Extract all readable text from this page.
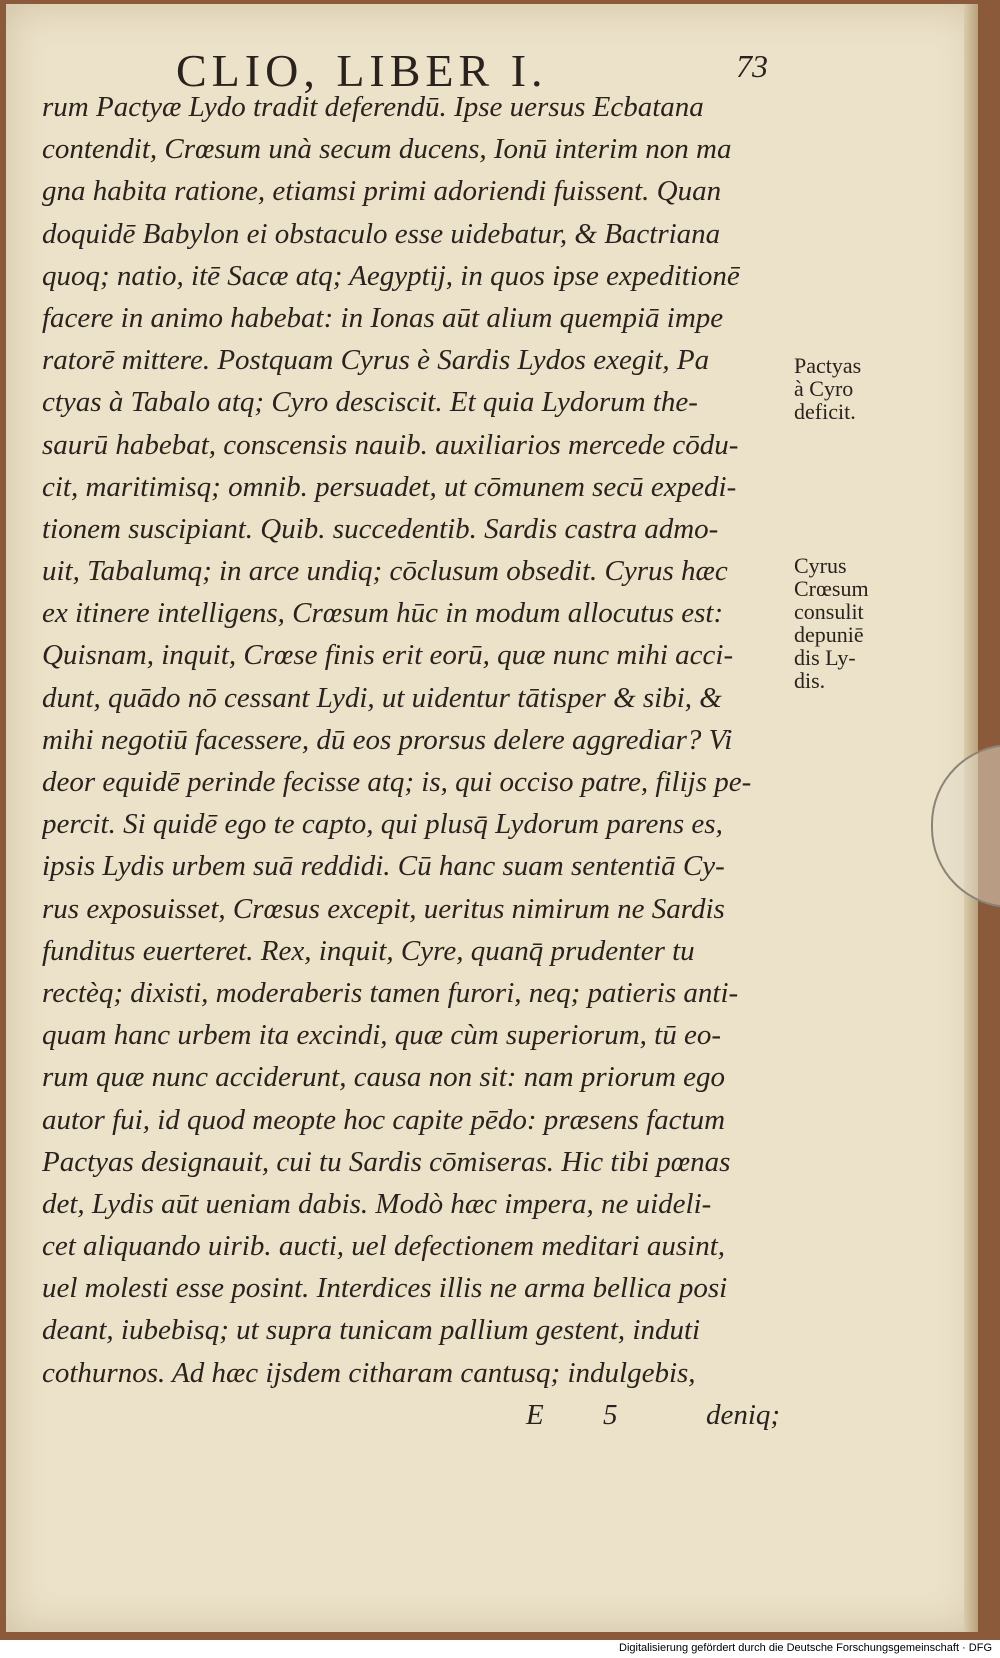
CLIO, LIBER I.	73
rum Pactyæ Lydo tradit deferendū. Ipse uersus Ecbatana
contendit, Crœsum unà secum ducens, Ionū interim non ma
gna habita ratione, etiamsi primi adoriendi fuissent. Quan
doquidē Babylon ei obstaculo esse uidebatur, & Bactriana
quoq; natio, itē Sacæ atq; Aegyptij, in quos ipse expeditionē
facere in animo habebat: in Ionas aūt alium quempiā impe
ratorē mittere. Postquam Cyrus è Sardis Lydos exegit, Pa
ctyas à Tabalo atq; Cyro desciscit. Et quia Lydorum the-
saurū habebat, conscensis nauib. auxiliarios mercede cōdu-
cit, maritimisq; omnib. persuadet, ut cōmunem secū expedi-
tionem suscipiant. Quib. succedentib. Sardis castra admo-
uit, Tabalumq; in arce undiq; cōclusum obsedit. Cyrus hæc
ex itinere intelligens, Crœsum hūc in modum allocutus est:
Quisnam, inquit, Crœse finis erit eorū, quæ nunc mihi acci-
dunt, quādo nō cessant Lydi, ut uidentur tātisper & sibi, &
mihi negotiū facessere, dū eos prorsus delere aggrediar? Vi
deor equidē perinde fecisse atq; is, qui occiso patre, filijs pe-
percit. Si quidē ego te capto, qui plusq̄ Lydorum parens es,
ipsis Lydis urbem suā reddidi. Cū hanc suam sententiā Cy-
rus exposuisset, Crœsus excepit, ueritus nimirum ne Sardis
funditus euerteret. Rex, inquit, Cyre, quanq̄ prudenter tu
rectèq; dixisti, moderaberis tamen furori, neq; patieris anti-
quam hanc urbem ita excindi, quæ cùm superiorum, tū eo-
rum quæ nunc acciderunt, causa non sit: nam priorum ego
autor fui, id quod meopte hoc capite pēdo: præsens factum
Pactyas designauit, cui tu Sardis cōmiseras. Hic tibi pœnas
det, Lydis aūt ueniam dabis. Modò hæc impera, ne uideli-
cet aliquando uirib. aucti, uel defectionem meditari ausint,
uel molesti esse posint. Interdices illis ne arma bellica posi
deant, iubebisq; ut supra tunicam pallium gestent, induti
cothurnos. Ad hæc ijsdem citharam cantusq; indulgebis,
Pactyas
à Cyro
deficit.
Cyrus
Crœsum
consulit
depuniē
dis Ly-
dis.
E 5 deniq;
Digitalisierung gefördert durch die Deutsche Forschungsgemeinschaft · DFG
